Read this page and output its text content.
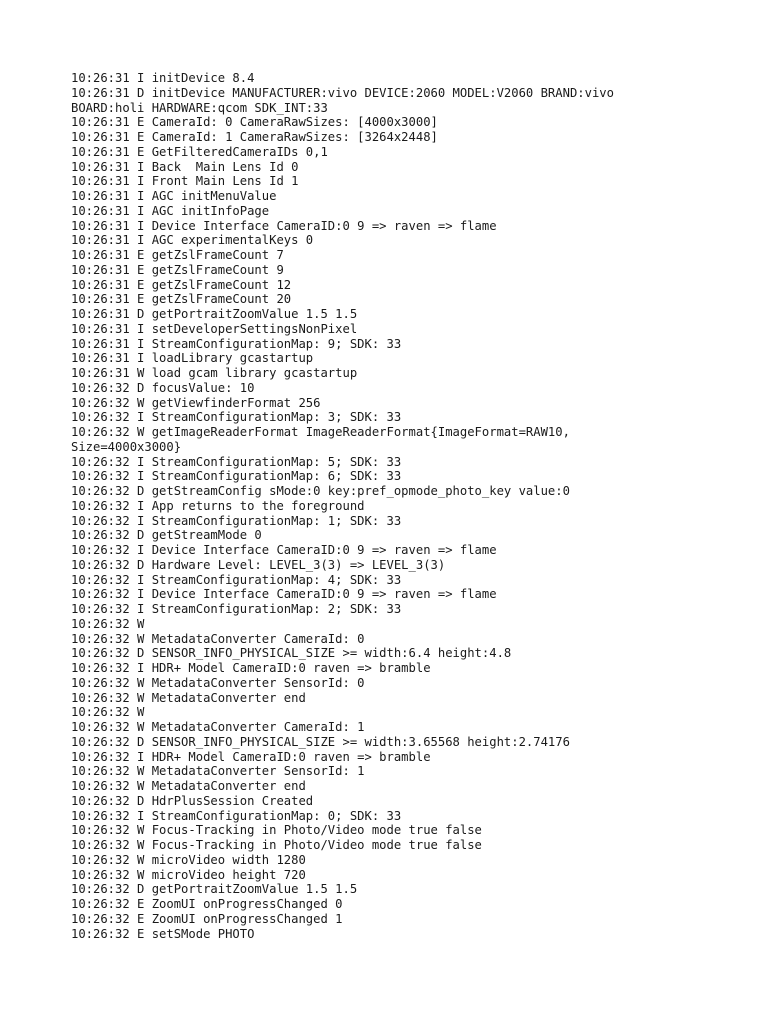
10:26:31 I initDevice 8.4
10:26:31 D initDevice MANUFACTURER:vivo DEVICE:2060 MODEL:V2060 BRAND:vivo BOARD:holi HARDWARE:qcom SDK_INT:33
10:26:31 E CameraId: 0 CameraRawSizes: [4000x3000]
10:26:31 E CameraId: 1 CameraRawSizes: [3264x2448]
10:26:31 E GetFilteredCameraIDs 0,1
10:26:31 I Back  Main Lens Id 0
10:26:31 I Front Main Lens Id 1
10:26:31 I AGC initMenuValue
10:26:31 I AGC initInfoPage
10:26:31 I Device Interface CameraID:0 9 => raven => flame
10:26:31 I AGC experimentalKeys 0
10:26:31 E getZslFrameCount 7
10:26:31 E getZslFrameCount 9
10:26:31 E getZslFrameCount 12
10:26:31 E getZslFrameCount 20
10:26:31 D getPortraitZoomValue 1.5 1.5
10:26:31 I setDeveloperSettingsNonPixel
10:26:31 I StreamConfigurationMap: 9; SDK: 33
10:26:31 I loadLibrary gcastartup
10:26:31 W load gcam library gcastartup
10:26:32 D focusValue: 10
10:26:32 W getViewfinderFormat 256
10:26:32 I StreamConfigurationMap: 3; SDK: 33
10:26:32 W getImageReaderFormat ImageReaderFormat{ImageFormat=RAW10, Size=4000x3000}
10:26:32 I StreamConfigurationMap: 5; SDK: 33
10:26:32 I StreamConfigurationMap: 6; SDK: 33
10:26:32 D getStreamConfig sMode:0 key:pref_opmode_photo_key value:0
10:26:32 I App returns to the foreground
10:26:32 I StreamConfigurationMap: 1; SDK: 33
10:26:32 D getStreamMode 0
10:26:32 I Device Interface CameraID:0 9 => raven => flame
10:26:32 D Hardware Level: LEVEL_3(3) => LEVEL_3(3)
10:26:32 I StreamConfigurationMap: 4; SDK: 33
10:26:32 I Device Interface CameraID:0 9 => raven => flame
10:26:32 I StreamConfigurationMap: 2; SDK: 33
10:26:32 W
10:26:32 W MetadataConverter CameraId: 0
10:26:32 D SENSOR_INFO_PHYSICAL_SIZE >= width:6.4 height:4.8
10:26:32 I HDR+ Model CameraID:0 raven => bramble
10:26:32 W MetadataConverter SensorId: 0
10:26:32 W MetadataConverter end
10:26:32 W
10:26:32 W MetadataConverter CameraId: 1
10:26:32 D SENSOR_INFO_PHYSICAL_SIZE >= width:3.65568 height:2.74176
10:26:32 I HDR+ Model CameraID:0 raven => bramble
10:26:32 W MetadataConverter SensorId: 1
10:26:32 W MetadataConverter end
10:26:32 D HdrPlusSession Created
10:26:32 I StreamConfigurationMap: 0; SDK: 33
10:26:32 W Focus-Tracking in Photo/Video mode true false
10:26:32 W Focus-Tracking in Photo/Video mode true false
10:26:32 W microVideo width 1280
10:26:32 W microVideo height 720
10:26:32 D getPortraitZoomValue 1.5 1.5
10:26:32 E ZoomUI onProgressChanged 0
10:26:32 E ZoomUI onProgressChanged 1
10:26:32 E setSMode PHOTO
